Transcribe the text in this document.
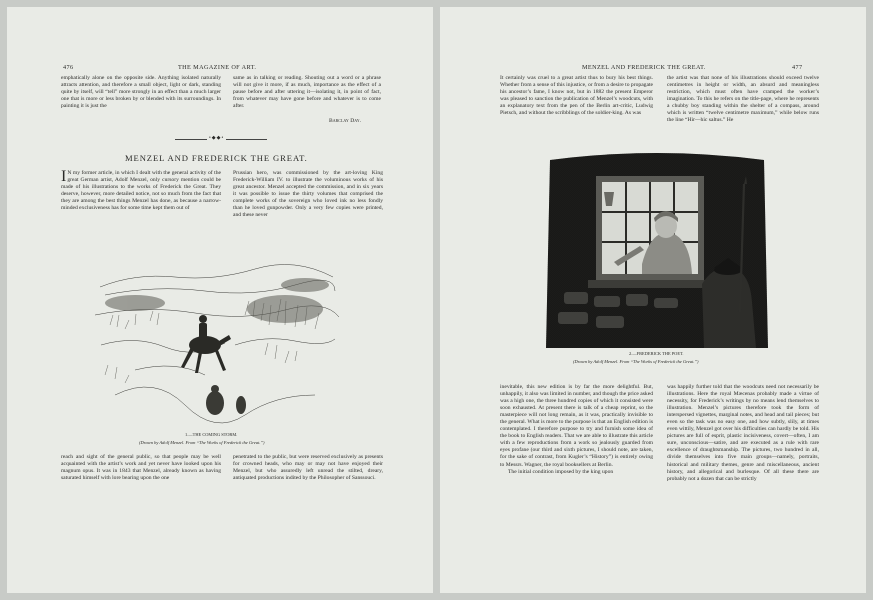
476	THE MAGAZINE OF ART.

emphatically alone on the opposite side. Anything isolated naturally attracts attention, and therefore a small object, light or dark, standing quite by itself, will “tell” more strongly in an effect than a much larger one that is more or less broken by or blended with its surroundings. In painting it is just the

same as in talking or reading. Shouting out a word or a phrase will not give it more, if as much, importance as the effect of a pause before and after uttering it—isolating it, in point of fact, from whatever may have gone before and whatever is to come after.

Barclay Day.
•◆◆•
MENZEL AND FREDERICK THE GREAT.

I N my former article, in which I dealt with the general activity of the great German artist, Adolf Menzel, only cursory mention could be made of his illustrations to the works of Frederick the Great. They deserve, however, more detailed notice, not so much from the fact that they are among the best things Menzel has done, as because a narrow-minded exclusiveness has for some time kept them out of

Prussian hero, was commissioned by the art-loving King Frederick-William IV. to illustrate the voluminous works of his great ancestor. Menzel accepted the commission, and in six years it was possible to issue the thirty volumes that comprised the complete works of the sovereign who loved ink no less fondly than he loved gunpowder. Only a very few copies were printed, and these never

1.—THE COMING STORM.
(Drawn by Adolf Menzel. From “The Works of Frederick the Great.”)

reach and sight of the general public, so that people may be well acquainted with the artist’s work and yet never have looked upon his magnum opus. It was in 1843 that Menzel, already known as having saturated himself with lore bearing upon the one

penetrated to the public, but were reserved exclusively as presents for crowned heads, who may or may not have enjoyed their Menzel, but who assuredly left unread the stilted, dreary, antiquated productions indited by the Philosopher of Sanssouci.

MENZEL AND FREDERICK THE GREAT.	477

It certainly was cruel to a great artist thus to bury his best things. Whether from a sense of this injustice, or from a desire to propagate his ancestor’s fame, I know not, but in 1882 the present Emperor was pleased to sanction the publication of Menzel’s woodcuts, with an explanatory text from the pen of the Berlin art-critic, Ludwig Pietsch, and without the scribblings of the soldier-king. As was

the artist was that none of his illustrations should exceed twelve centimetres in height or width, an absurd and meaningless restriction, which must often have cramped the worker’s imagination. To this he refers on the title-page, where he represents a chubby boy standing within the shelter of a compass, around which is written “twelve centimetre maximum,” while below runs the line “Hir—hic saltus.” He

2.—FREDERICK THE POET.
(Drawn by Adolf Menzel. From “The Works of Frederick the Great.”)

inevitable, this new edition is by far the more delightful. But, unhappily, it also was limited in number, and though the price asked was a high one, the three hundred copies of which it consisted were soon exhausted. At present there is talk of a cheap reprint, so the masterpiece will not long remain, as it was, practically invisible to the general. What is more to the purpose is that an English edition is contemplated. I therefore purpose to try and furnish some idea of the book to English readers. That we are able to illustrate this article with a few reproductions from a work so jealously guarded from eyes profane (our third and sixth pictures, I should note, are taken, for the sake of contrast, from Kugler’s “History”) is entirely owing to Messrs. Wagner, the royal booksellers at Berlin.

The initial condition imposed by the king upon

was happily further told that the woodcuts need not necessarily be illustrations. Here the royal Mæcenas probably made a virtue of necessity, for Frederick’s writings by no means lend themselves to illustration. Menzel’s pictures therefore took the form of interspersed vignettes, marginal notes, and head and tail pieces; but even so the task was no easy one, and how subtly, slily, at times even wittily, Menzel got over his difficulties can hardly be told. His pictures are full of esprit, plastic incisiveness, covert—often, I am sure, unconscious—satire, and are executed as a rule with rare excellence of draughtsmanship. The pictures, two hundred in all, divide themselves into five main groups—namely, portraits, historical and military themes, genre and miscellaneous, ancient history, and allegorical and burlesque. Of all these there are probably not a dozen that can be strictly
